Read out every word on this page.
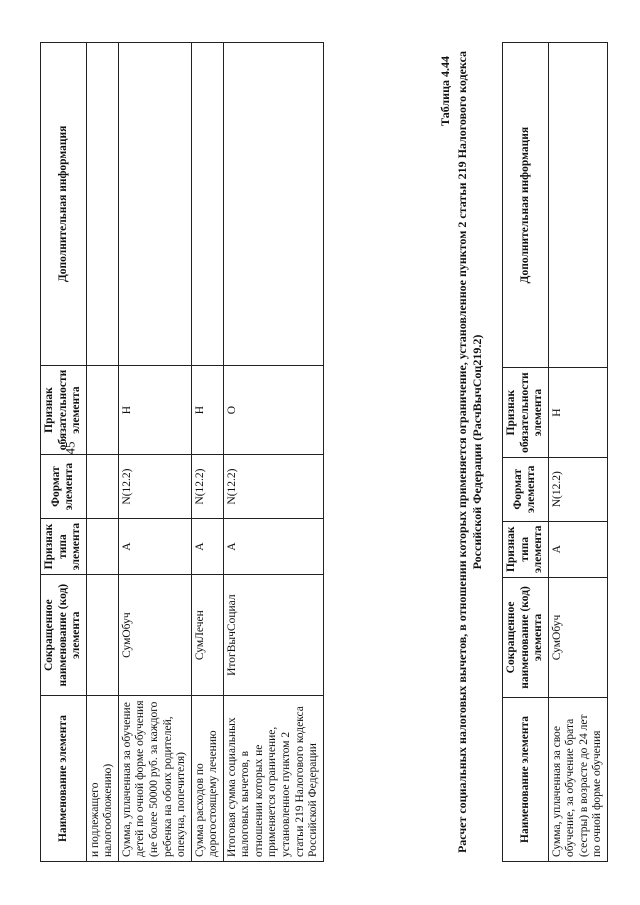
45
Наименование элемента	Сокращенное наименование (код) элемента	Признак типа элемента	Формат элемента	Признак обязательности элемента	Дополнительная информация
и подлежащего налогообложению)					
Сумма, уплаченная за обучение детей по очной форме обучения (не более 50000 руб. за каждого ребенка на обоих родителей, опекуна, попечителя)	СумОбуч	А	N(12.2)	Н	
Сумма расходов по дорогостоящему лечению	СумЛечен	А	N(12.2)	Н	
Итоговая сумма социальных налоговых вычетов, в отношении которых не применяется ограничение, установленное пунктом 2 статьи 219 Налогового кодекса Российской Федерации	ИтогВычСоциал	А	N(12.2)	О	
Таблица 4.44 Расчет социальных налоговых вычетов, в отношении которых применяется ограничение, установленное пунктом 2 статьи 219 Налогового кодекса Российской Федерации (РасчВычСоц219.2)
Наименование элемента	Сокращенное наименование (код) элемента	Признак типа элемента	Формат элемента	Признак обязательности элемента	Дополнительная информация
Сумма, уплаченная за свое обучение, за обучение брата (сестры) в возрасте до 24 лет по очной форме обучения	СумОбуч	А	N(12.2)	Н	
